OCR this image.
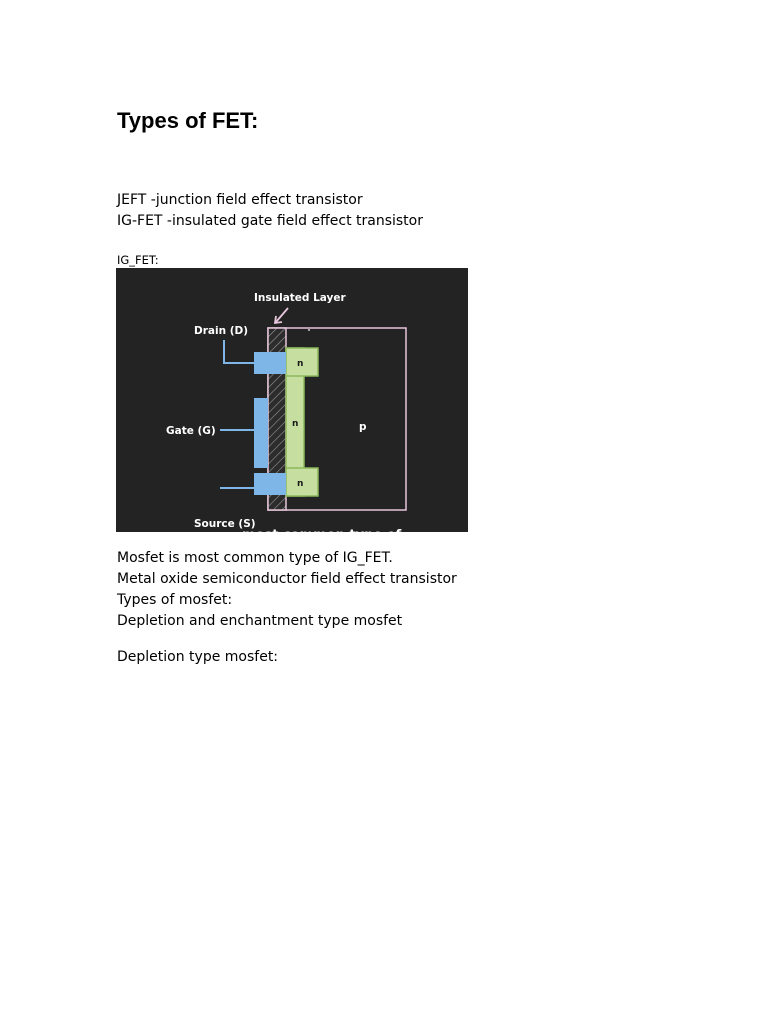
Types of FET:

JEFT -junction field effect transistor

IG-FET -insulated gate field effect transistor

IG_FET:

Insulated Layer
Drain (D)
Gate (G)
Source (S)
n
n
n
p
most common type of

Mosfet is most common type of IG_FET.

Metal oxide semiconductor field effect transistor

Types of mosfet:

Depletion and enchantment type mosfet

Depletion type mosfet:
